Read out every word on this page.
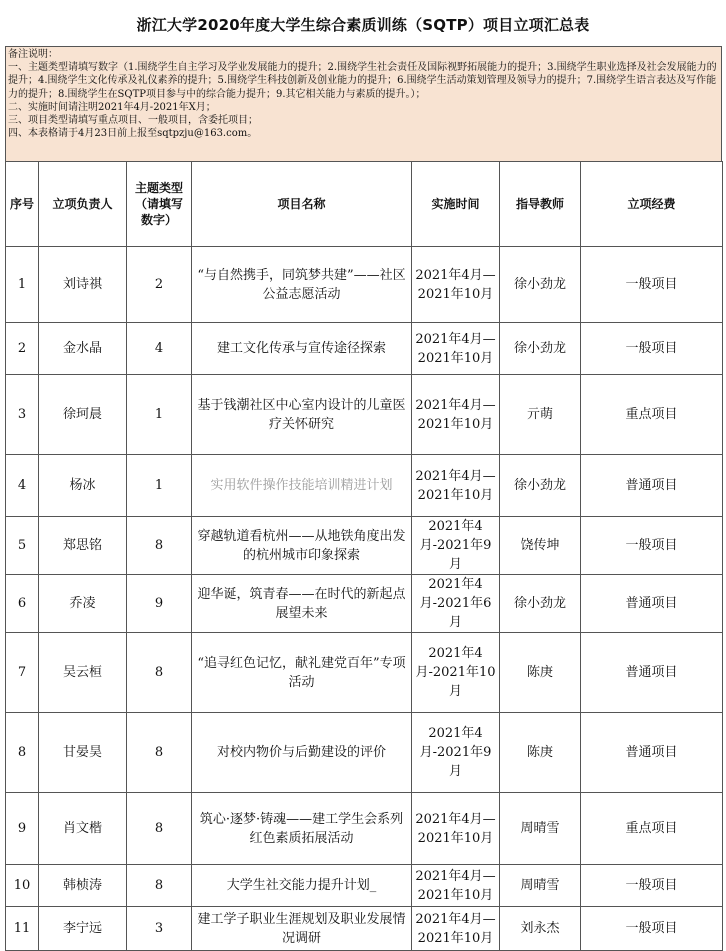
浙江大学2020年度大学生综合素质训练（SQTP）项目立项汇总表
备注说明：
一、主题类型请填写数字（1.围绕学生自主学习及学业发展能力的提升；2.围绕学生社会责任及国际视野拓展能力的提升；3.围绕学生职业选择及社会发展能力的提升；4.围绕学生文化传承及礼仪素养的提升；5.围绕学生科技创新及创业能力的提升；6.围绕学生活动策划管理及领导力的提升；7.围绕学生语言表达及写作能力的提升；8.围绕学生在SQTP项目参与中的综合能力提升；9.其它相关能力与素质的提升。）；
二、实施时间请注明2021年4月-2021年X月；
三、项目类型请填写重点项目、一般项目，含委托项目；
四、本表格请于4月23日前上报至sqtpzju@163.com。
序号	立项负责人	主题类型（请填写数字）	项目名称	实施时间	指导教师	立项经费
1	刘诗祺	2	“与自然携手，同筑梦共建”——社区公益志愿活动	2021年4月—2021年10月	徐小劲龙	一般项目
2	金水晶	4	建工文化传承与宣传途径探索	2021年4月—2021年10月	徐小劲龙	一般项目
3	徐珂晨	1	基于钱潮社区中心室内设计的儿童医疗关怀研究	2021年4月—2021年10月	亓萌	重点项目
4	杨冰	1	实用软件操作技能培训精进计划	2021年4月—2021年10月	徐小劲龙	普通项目
5	郑思铭	8	穿越轨道看杭州——从地铁角度出发的杭州城市印象探索	2021年4月-2021年9月	饶传坤	一般项目
6	乔凌	9	迎华诞，筑青春——在时代的新起点展望未来	2021年4月-2021年6月	徐小劲龙	普通项目
7	吴云桓	8	“追寻红色记忆，献礼建党百年”专项活动	2021年4月-2021年10月	陈庚	普通项目
8	甘晏昊	8	对校内物价与后勤建设的评价	2021年4月-2021年9月	陈庚	普通项目
9	肖文楷	8	筑心·逐梦·铸魂——建工学生会系列红色素质拓展活动	2021年4月—2021年10月	周晴雪	重点项目
10	韩桢涛	8	大学生社交能力提升计划_	2021年4月—2021年10月	周晴雪	一般项目
11	李宁远	3	建工学子职业生涯规划及职业发展情况调研	2021年4月—2021年10月	刘永杰	一般项目
